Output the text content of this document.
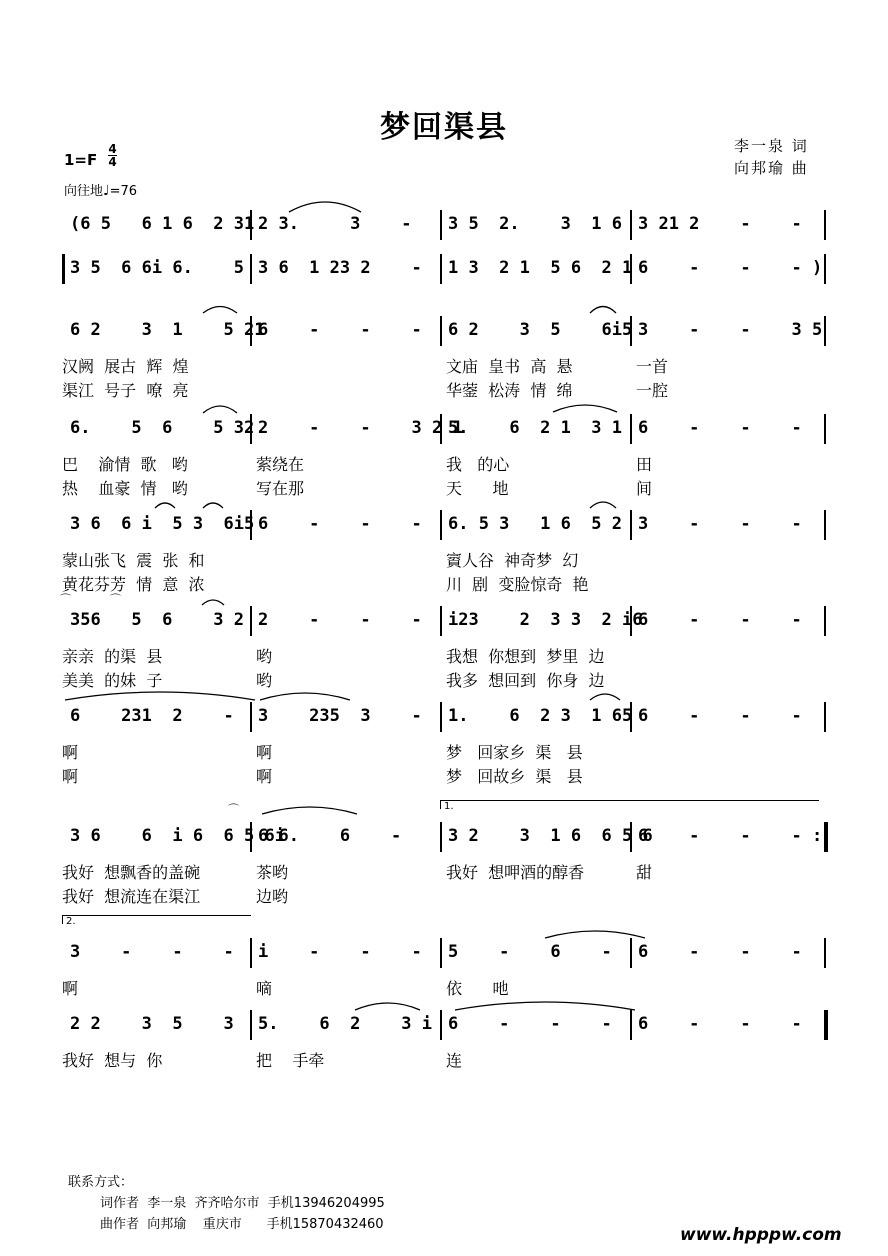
梦回渠县
李一泉 词
向邦瑜 曲
1=F
4
4
向往地♩=76
(6 5   6 1 6  2 31 2 3.     3    - 3 5  2.    3  1 6 3 21 2    -    -
3 5  6 6i 6.    5 3 6  1 23 2    - 1 3  2 1  5 6  2 1 6    -    -    - )
6 2    3  1    5 21
6    -    -    - 6 2    3  5    6i5 3    -    -    3 5
汉阙  展古  辉  煌	文庙  皇书  高  悬	一首
渠江  号子  嘹  亮	华蓥  松涛  情  绵	一腔
6.    5  6    5 32 2    -    -    3 2 1
5.    6  2 1  3 1 6    -    -    -
巴    渝情  歌   哟	萦绕在	我   的心	田
热    血豪  情   哟	写在那	天      地	间
3 6  6 i  5 3  6i5 6    -    -    - 6. 5 3   1 6  5 2 3    -    -    -
蒙山张飞  震  张  和	賨人谷  神奇梦  幻
黄花芬芳  情  意  浓	川  剧  变脸惊奇  艳
356   5  6    3 2 2    -    -    - i23    2  3 3  2 i6
6    -    -    -
亲亲  的渠  县	哟	我想  你想到  梦里  边
美美  的妹  子	哟	我多  想回到  你身  边
6    231  2    - 3    235  3    - 1.    6  2 3  1 65 6    -    -    -
啊	啊	梦   回家乡  渠   县
啊	啊	梦   回故乡  渠   县
3 6    6  i 6  6 5 6i
6 6.    6    -	3 2    3  1 6  6 5 6
6    -    -    - :
我好  想飘香的盖碗	茶哟	我好  想呷酒的醇香	甜
我好  想流连在渠江	边哟
3    -    -    - i    -    -    - 5    -    6    - 6    -    -    -
啊	嘀	依      吔
2 2    3  5    3 5.    6  2    3 i 6    -    -    - 6    -    -    -
我好  想与  你	把    手牵	连
⌒
⌒	⌒
1.
2.
联系方式：
词作者  李一泉  齐齐哈尔市  手机13946204995
曲作者  向邦瑜    重庆市      手机15870432460
www.hpppw.com
